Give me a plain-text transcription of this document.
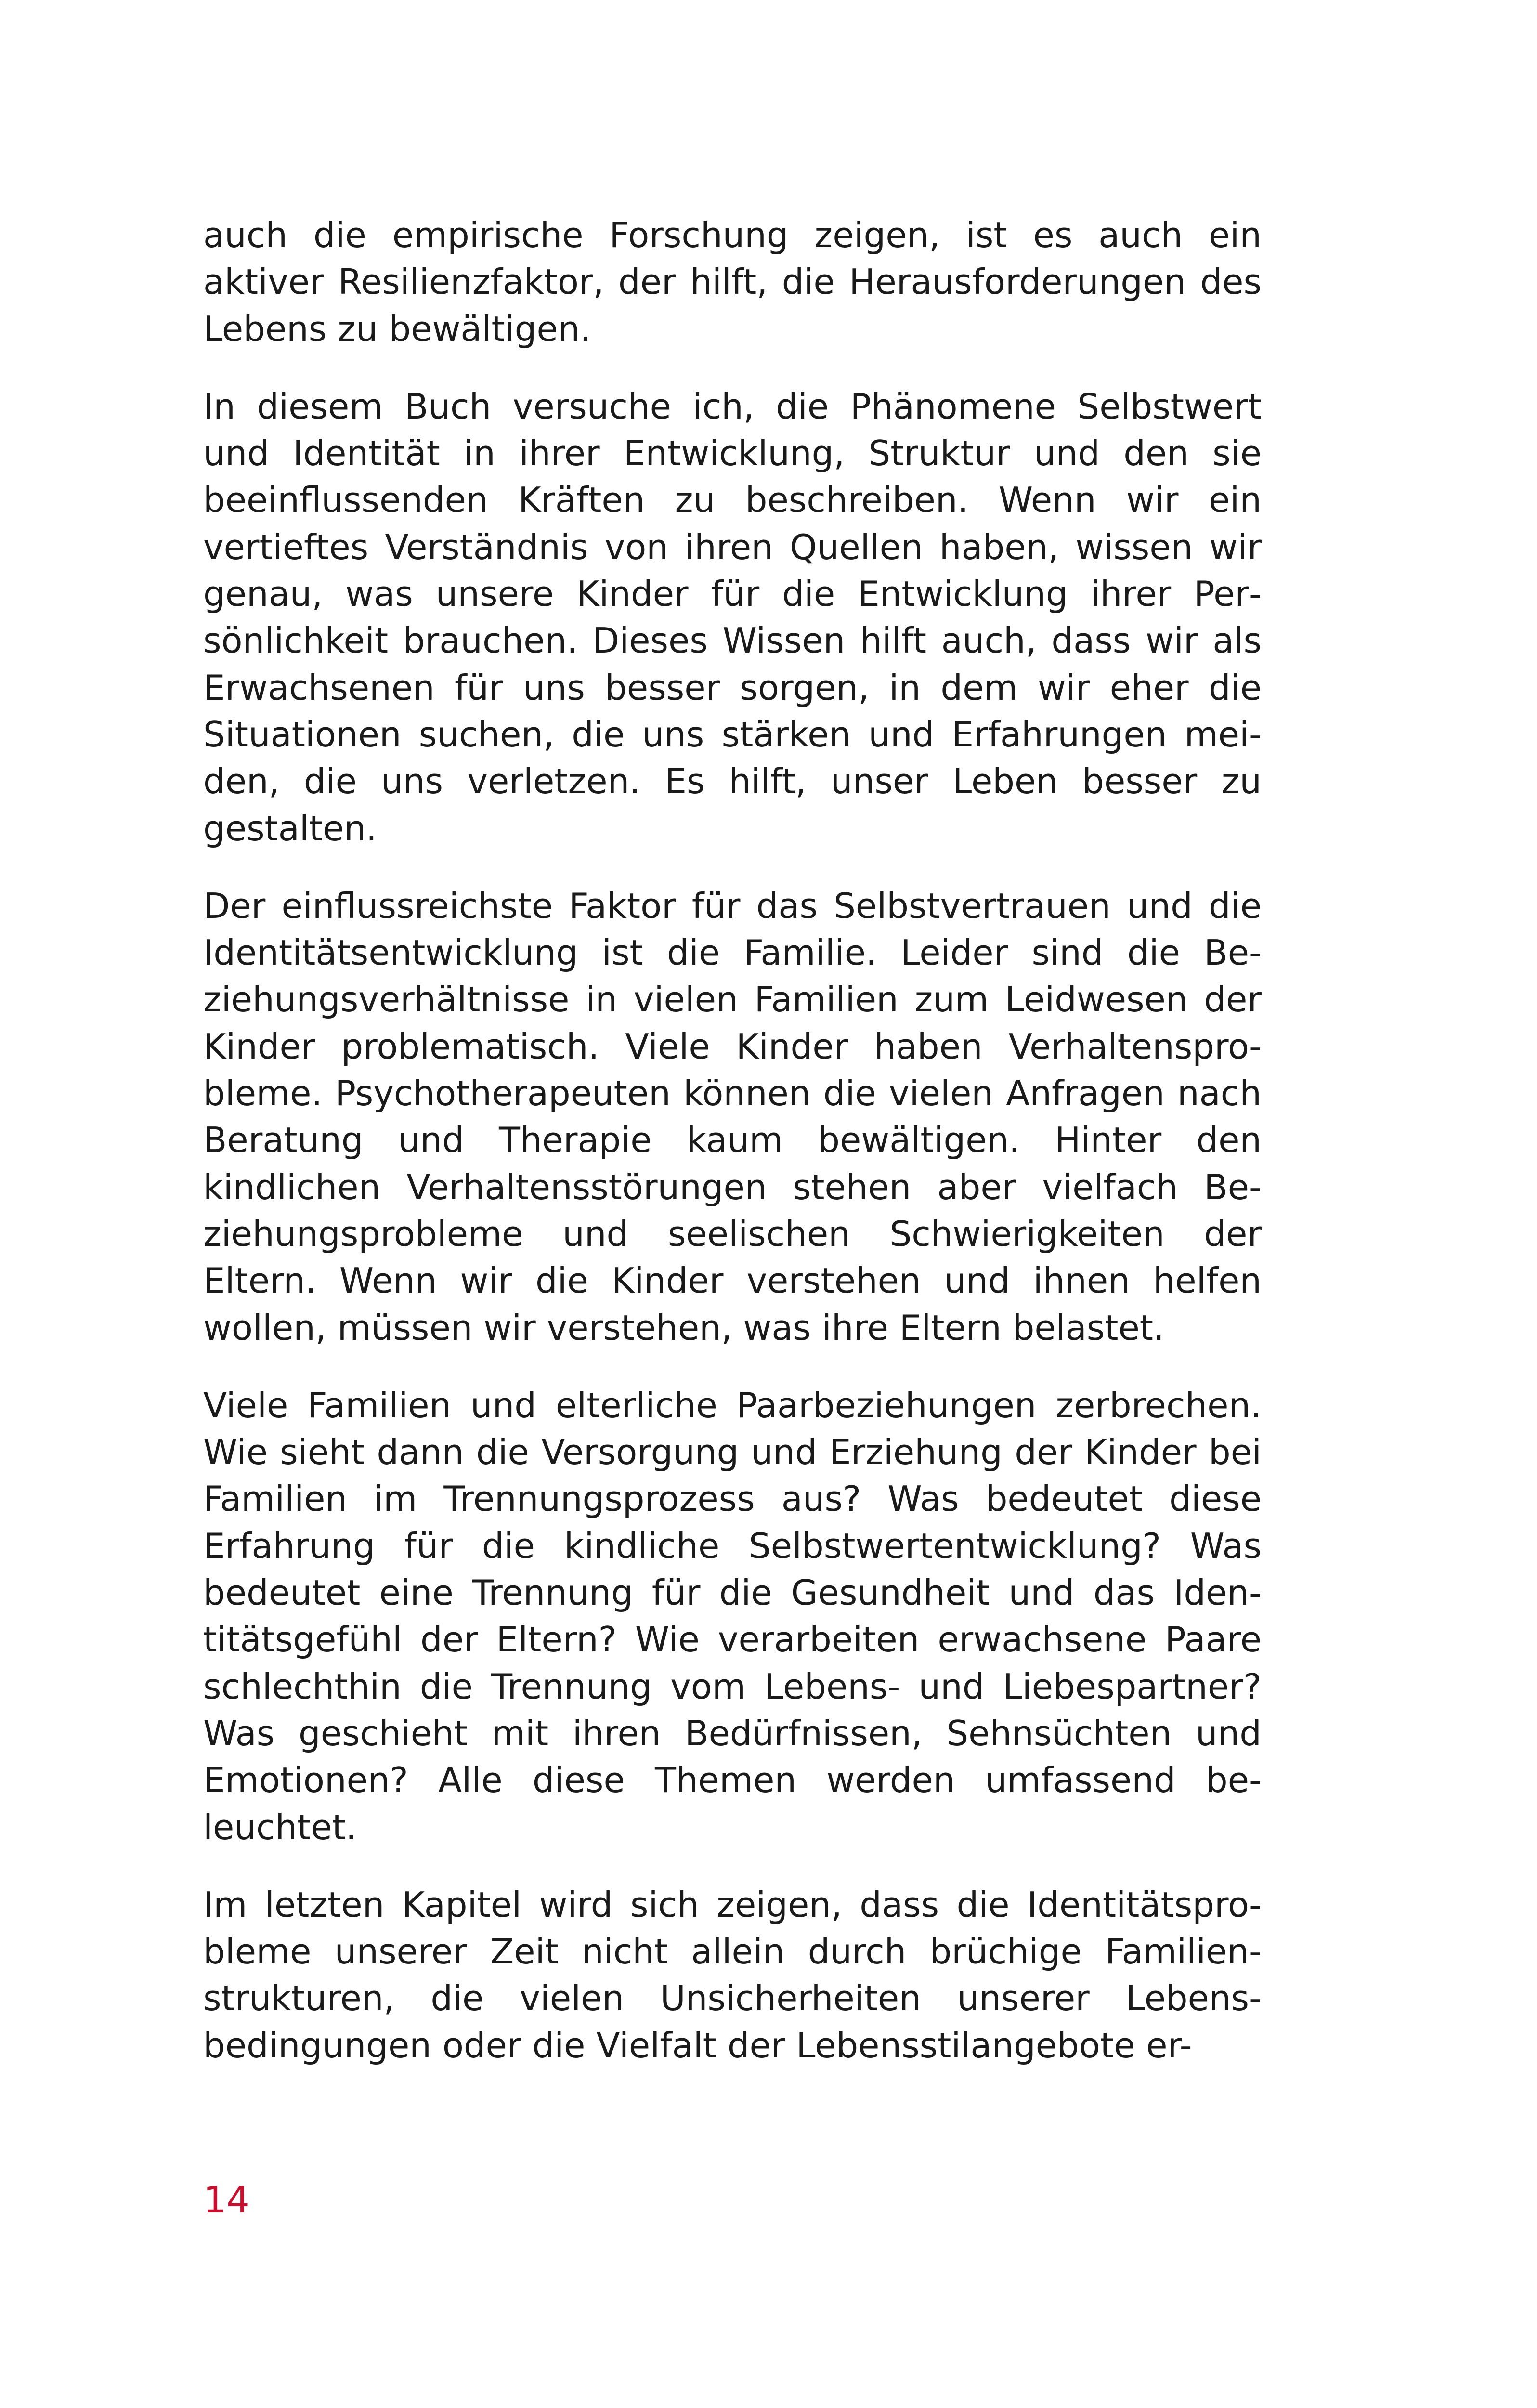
auch die empirische Forschung zeigen, ist es auch ein aktiver Resilienzfaktor, der hilft, die Herausforderungen des Lebens zu bewältigen.

In diesem Buch versuche ich, die Phänomene Selbstwert und Identität in ihrer Entwicklung, Struktur und den sie beeinflussenden Kräften zu beschreiben. Wenn wir ein vertieftes Verständnis von ihren Quellen haben, wissen wir genau, was unsere Kinder für die Entwicklung ihrer Persönlichkeit brauchen. Dieses Wissen hilft auch, dass wir als Erwachsenen für uns besser sorgen, in dem wir eher die Situationen suchen, die uns stärken und Erfahrungen meiden, die uns verletzen. Es hilft, unser Leben besser zu gestalten.

Der einflussreichste Faktor für das Selbstvertrauen und die Identitätsentwicklung ist die Familie. Leider sind die Beziehungsverhältnisse in vielen Familien zum Leidwesen der Kinder problematisch. Viele Kinder haben Verhaltensprobleme. Psychotherapeuten können die vielen Anfragen nach Beratung und Therapie kaum bewältigen. Hinter den kindlichen Verhaltensstörungen stehen aber vielfach Beziehungsprobleme und seelischen Schwierigkeiten der Eltern. Wenn wir die Kinder verstehen und ihnen helfen wollen, müssen wir verstehen, was ihre Eltern belastet.

Viele Familien und elterliche Paarbeziehungen zerbrechen. Wie sieht dann die Versorgung und Erziehung der Kinder bei Familien im Trennungsprozess aus? Was bedeutet diese Erfahrung für die kindliche Selbstwertentwicklung? Was bedeutet eine Trennung für die Gesundheit und das Identitätsgefühl der Eltern? Wie verarbeiten erwachsene Paare schlechthin die Trennung vom Lebens- und Liebespartner? Was geschieht mit ihren Bedürfnissen, Sehnsüchten und Emotionen? Alle diese Themen werden umfassend beleuchtet.

Im letzten Kapitel wird sich zeigen, dass die Identitätsprobleme unserer Zeit nicht allein durch brüchige Familienstrukturen, die vielen Unsicherheiten unserer Lebensbedingungen oder die Vielfalt der Lebensstilangebote er-

14
